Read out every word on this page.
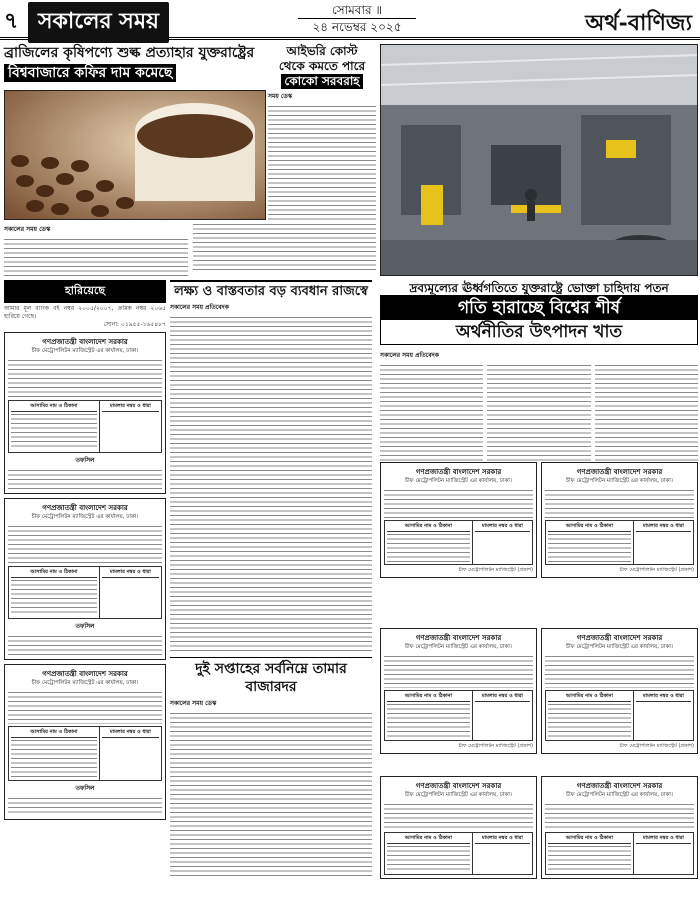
৭ সকালের সময়	সোমবার ॥
২৪ নভেম্বর ২০২৫	অর্থ-বাণিজ্য
ব্রাজিলের কৃষিপণ্যে শুল্ক প্রত্যাহার যুক্তরাষ্ট্রের
বিশ্ববাজারে কফির দাম কমেছে
আইভরি কোস্ট
থেকে কমতে পারে
কোকো সরবরাহ
সময় ডেস্ক
সকালের সময় ডেস্ক
দ্রব্যমূল্যের ঊর্ধ্বগতিতে যুক্তরাষ্ট্রে ভোক্তা চাহিদায় পতন
গতি হারাচ্ছে বিশ্বের শীর্ষ
অর্থনীতির উৎপাদন খাত
হারিয়েছে
আমার মূল ব্যাংক বই নম্বর ২০০৫/২০০৭, ক্রমিক নম্বর ২০৬৫ হারিয়ে গেছে।
সোনা: ০১৯৫৫-১৬৫৪৮৭
গণপ্রজাতন্ত্রী বাংলাদেশ সরকার
চীফ মেট্রোপলিটন ম্যাজিস্ট্রেট এর কার্যালয়, ঢাকা।
আসামির নাম ও ঠিকানা	মামলার নম্বর ও ধারা
তফসিল
গণপ্রজাতন্ত্রী বাংলাদেশ সরকার
চীফ মেট্রোপলিটন ম্যাজিস্ট্রেট এর কার্যালয়, ঢাকা।
আসামির নাম ও ঠিকানা	মামলার নম্বর ও ধারা
তফসিল
গণপ্রজাতন্ত্রী বাংলাদেশ সরকার
চীফ মেট্রোপলিটন ম্যাজিস্ট্রেট এর কার্যালয়, ঢাকা।
আসামির নাম ও ঠিকানা	মামলার নম্বর ও ধারা
তফসিল
লক্ষ্য ও বাস্তবতার বড় ব্যবধান রাজস্বে
সকালের সময় প্রতিবেদক
দুই সপ্তাহের সর্বনিম্নে তামার বাজারদর
সকালের সময় ডেস্ক
সকালের সময় প্রতিবেদক
গণপ্রজাতন্ত্রী বাংলাদেশ সরকার
চীফ মেট্রোপলিটন ম্যাজিস্ট্রেট এর কার্যালয়, ঢাকা।
আসামির নাম ও ঠিকানা	মামলার নম্বর ও ধারা
চীফ মেট্রোপলিটন ম্যাজিস্ট্রেট (প্রকাশ)
গণপ্রজাতন্ত্রী বাংলাদেশ সরকার
চীফ মেট্রোপলিটন ম্যাজিস্ট্রেট এর কার্যালয়, ঢাকা।
আসামির নাম ও ঠিকানা	মামলার নম্বর ও ধারা
চীফ মেট্রোপলিটন ম্যাজিস্ট্রেট (প্রকাশ)
গণপ্রজাতন্ত্রী বাংলাদেশ সরকার
চীফ মেট্রোপলিটন ম্যাজিস্ট্রেট এর কার্যালয়, ঢাকা।
আসামির নাম ও ঠিকানা	মামলার নম্বর ও ধারা
চীফ মেট্রোপলিটন ম্যাজিস্ট্রেট (প্রকাশ)
গণপ্রজাতন্ত্রী বাংলাদেশ সরকার
চীফ মেট্রোপলিটন ম্যাজিস্ট্রেট এর কার্যালয়, ঢাকা।
আসামির নাম ও ঠিকানা	মামলার নম্বর ও ধারা
চীফ মেট্রোপলিটন ম্যাজিস্ট্রেট (প্রকাশ)
গণপ্রজাতন্ত্রী বাংলাদেশ সরকার
চীফ মেট্রোপলিটন ম্যাজিস্ট্রেট এর কার্যালয়, ঢাকা।
আসামির নাম ও ঠিকানা	মামলার নম্বর ও ধারা
গণপ্রজাতন্ত্রী বাংলাদেশ সরকার
চীফ মেট্রোপলিটন ম্যাজিস্ট্রেট এর কার্যালয়, ঢাকা।
আসামির নাম ও ঠিকানা	মামলার নম্বর ও ধারা
